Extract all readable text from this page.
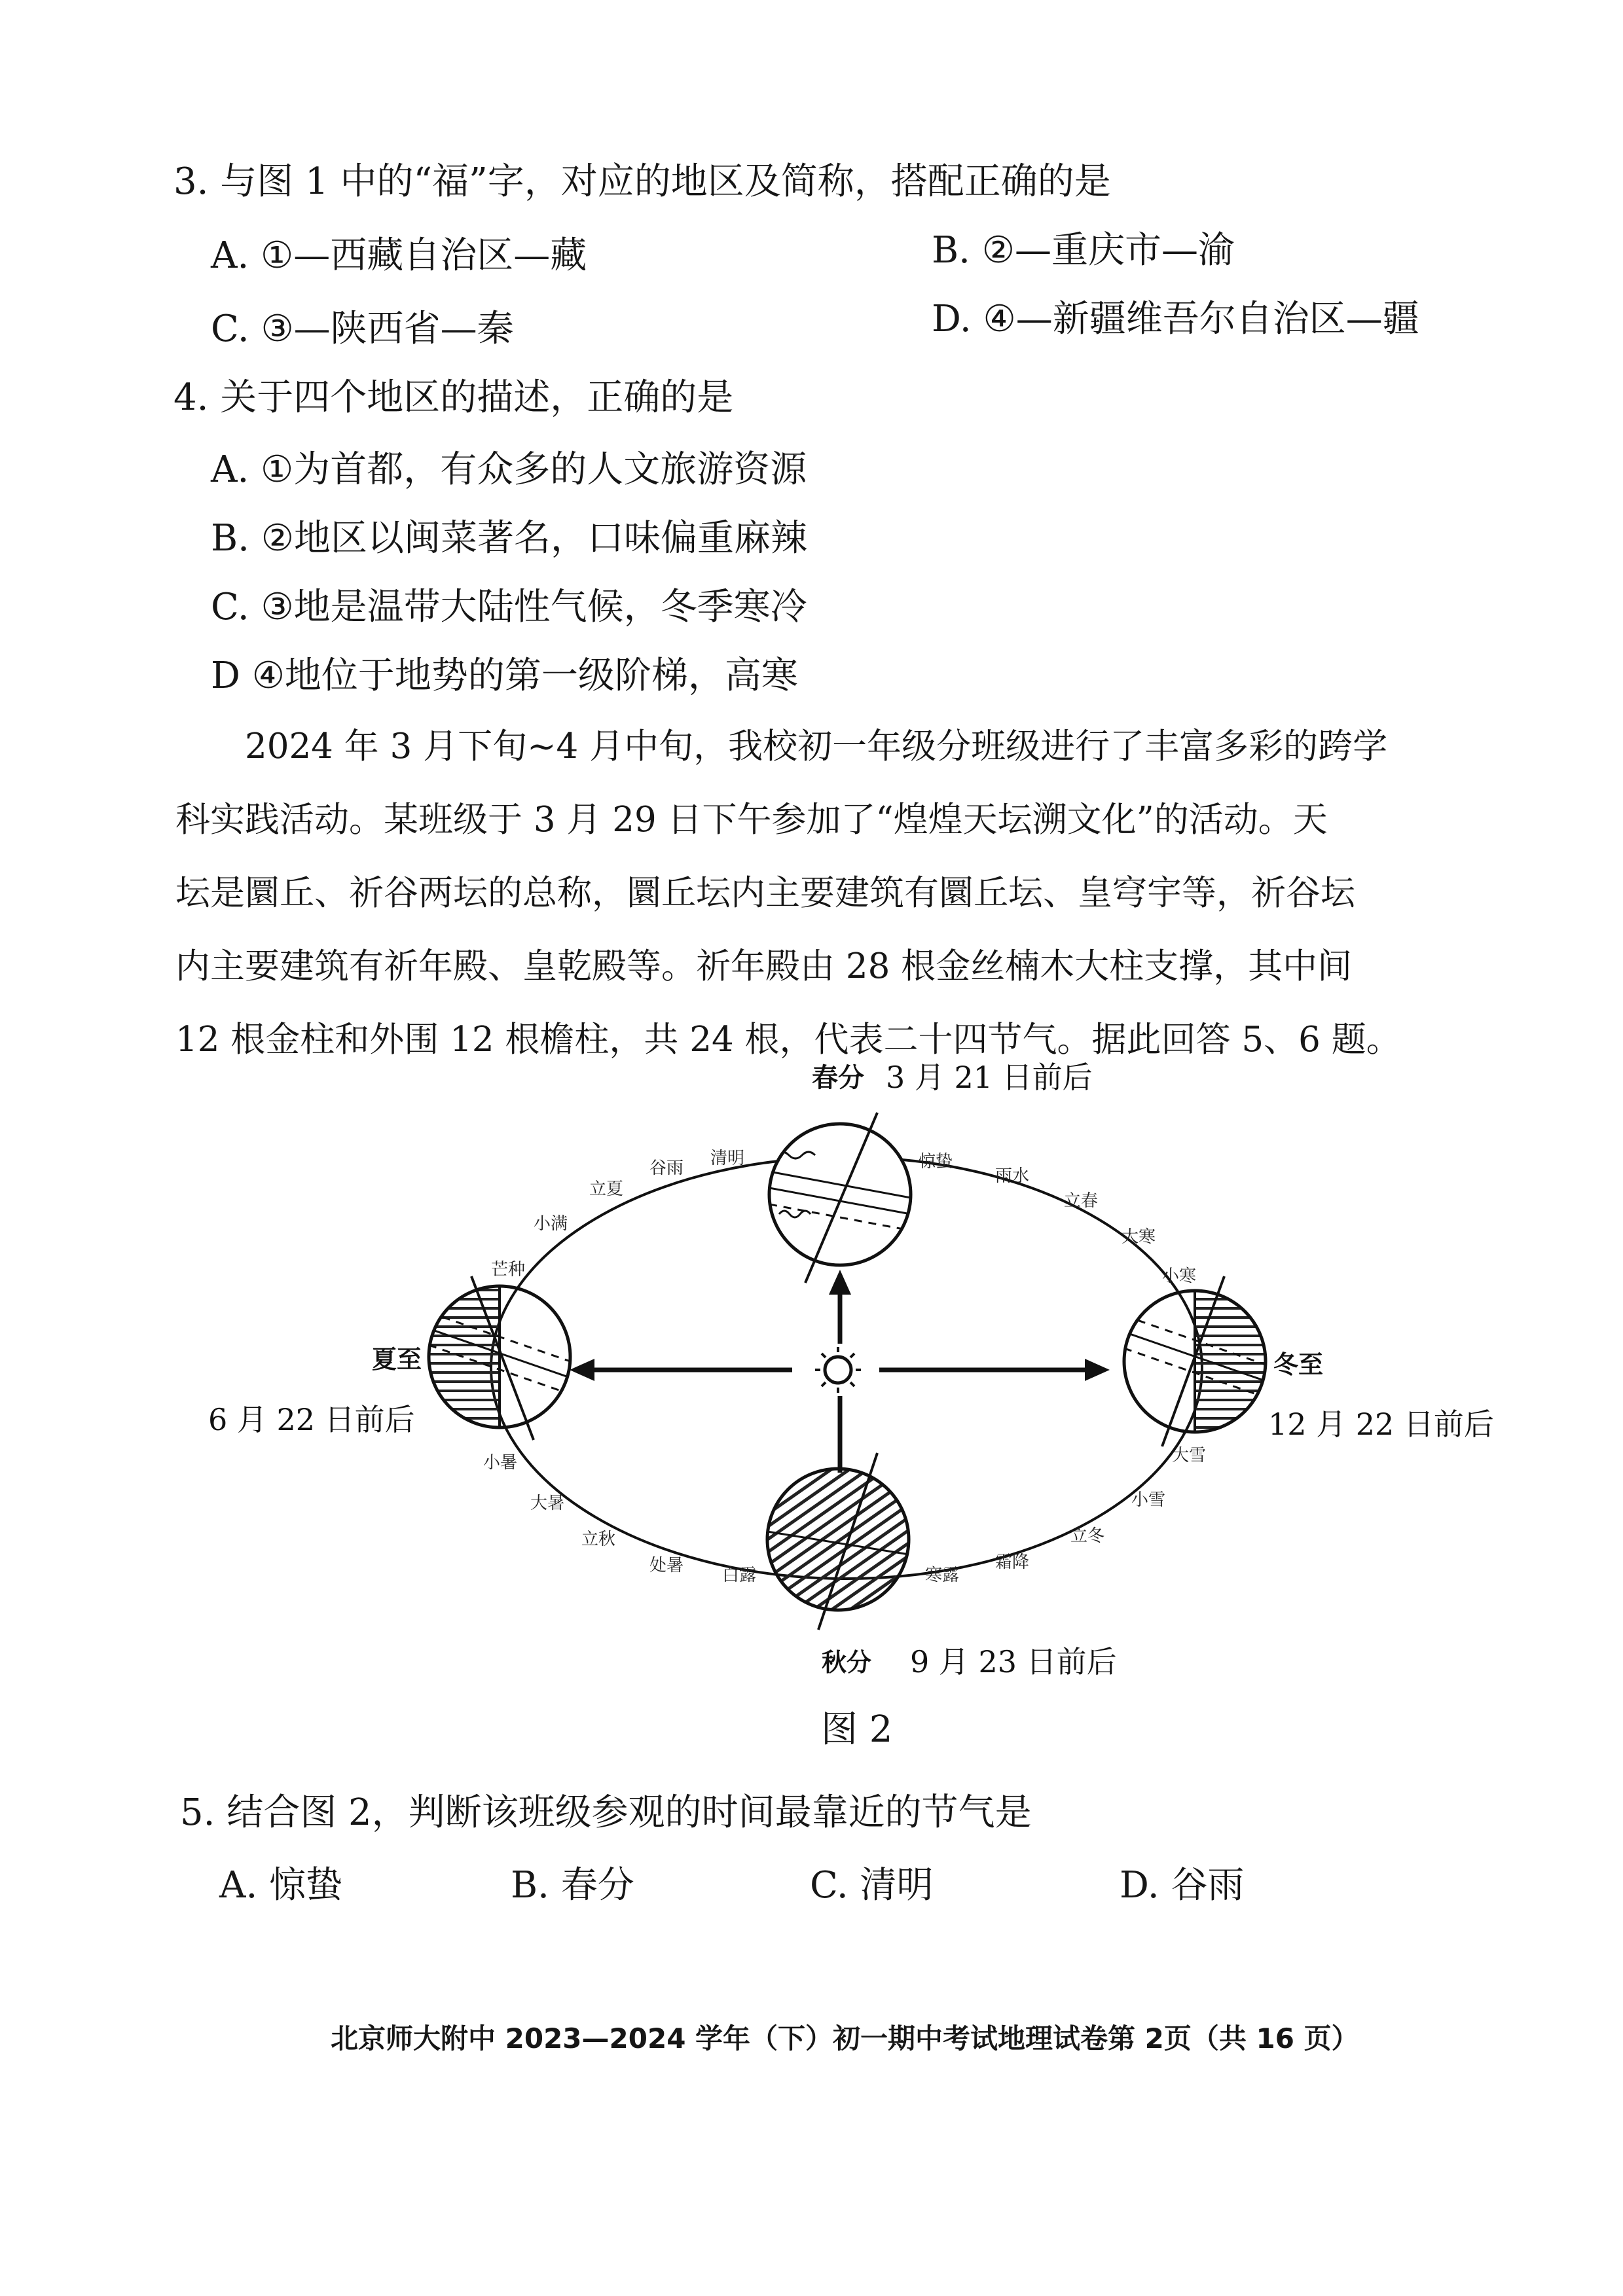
3. 与图 1 中的“福”字，对应的地区及简称，搭配正确的是
A. ①—西藏自治区—藏	B. ②—重庆市—渝
C. ③—陕西省—秦	D. ④—新疆维吾尔自治区—疆
4. 关于四个地区的描述，正确的是
A. ①为首都，有众多的人文旅游资源
B. ②地区以闽菜著名，口味偏重麻辣
C. ③地是温带大陆性气候，冬季寒冷
D ④地位于地势的第一级阶梯，高寒
2024 年 3 月下旬~4 月中旬，我校初一年级分班级进行了丰富多彩的跨学
科实践活动。某班级于 3 月 29 日下午参加了“煌煌天坛溯文化”的活动。天
坛是圜丘、祈谷两坛的总称，圜丘坛内主要建筑有圜丘坛、皇穹宇等，祈谷坛
内主要建筑有祈年殿、皇乾殿等。祈年殿由 28 根金丝楠木大柱支撑，其中间
12 根金柱和外围 12 根檐柱，共 24 根，代表二十四节气。据此回答 5、6 题。
春分 3 月 21 日前后
夏至
6 月 22 日前后
冬至
12 月 22 日前后
秋分 9 月 23 日前后
谷雨 清明
立夏
小满
芒种
惊蛰
雨水
立春
大寒
小寒
大雪
小雪
立冬
霜降
寒露
白露
处暑
立秋
大暑
小暑
图 2
5. 结合图 2，判断该班级参观的时间最靠近的节气是
A. 惊蛰	B. 春分	C. 清明	D. 谷雨
北京师大附中 2023—2024 学年（下）初一期中考试地理试卷第 2页（共 16 页）
